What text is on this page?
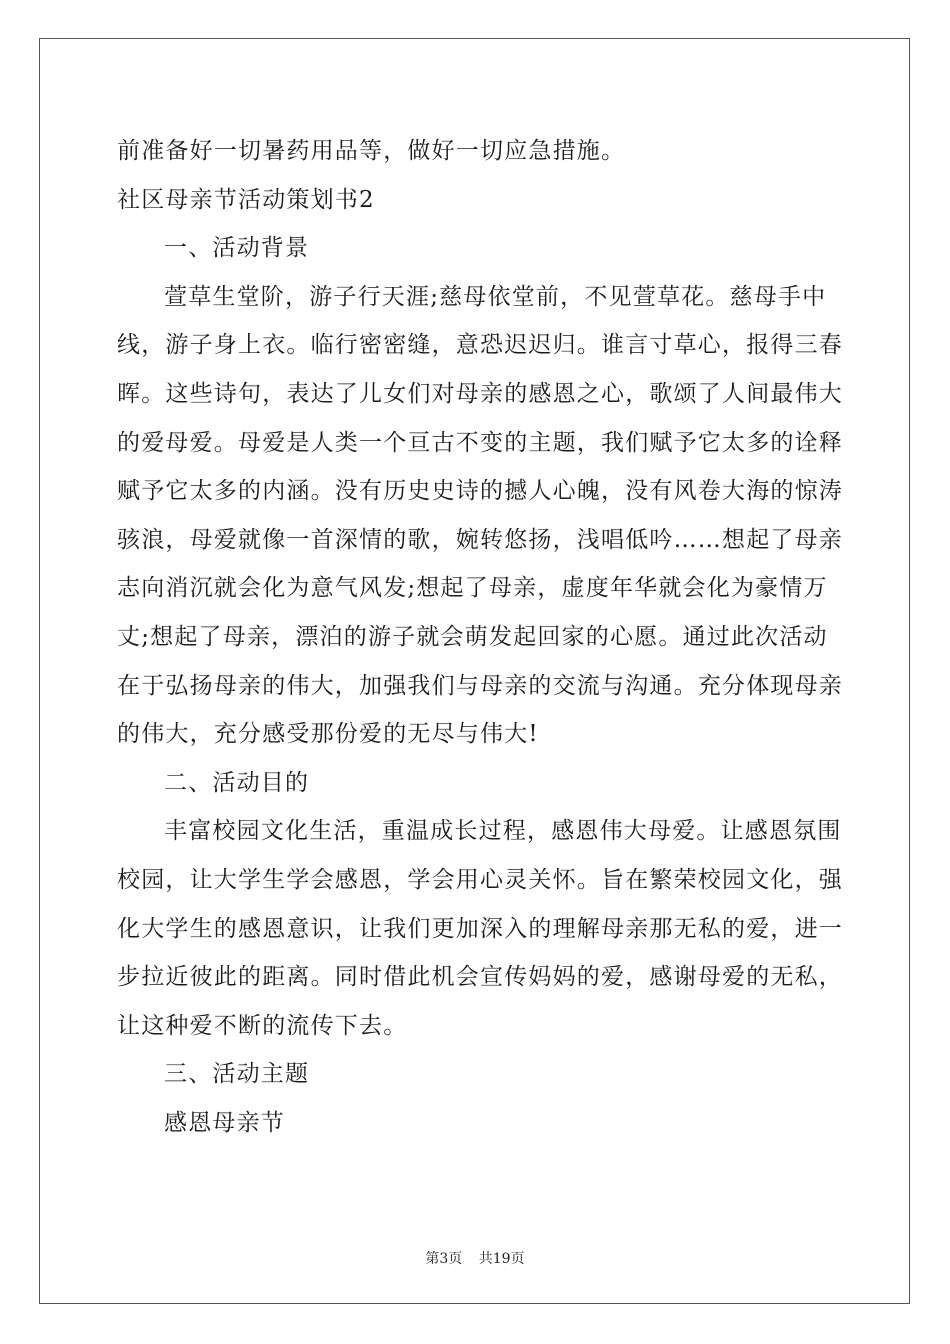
前准备好一切暑药用品等，做好一切应急措施。
社区母亲节活动策划书2
一、活动背景
萱草生堂阶，游子行天涯;慈母依堂前，不见萱草花。慈母手中
线，游子身上衣。临行密密缝，意恐迟迟归。谁言寸草心，报得三春
晖。这些诗句，表达了儿女们对母亲的感恩之心，歌颂了人间最伟大
的爱母爱。母爱是人类一个亘古不变的主题，我们赋予它太多的诠释
赋予它太多的内涵。没有历史史诗的撼人心魄，没有风卷大海的惊涛
骇浪，母爱就像一首深情的歌，婉转悠扬，浅唱低吟……想起了母亲
志向消沉就会化为意气风发;想起了母亲，虚度年华就会化为豪情万
丈;想起了母亲，漂泊的游子就会萌发起回家的心愿。通过此次活动
在于弘扬母亲的伟大，加强我们与母亲的交流与沟通。充分体现母亲
的伟大，充分感受那份爱的无尽与伟大!
二、活动目的
丰富校园文化生活，重温成长过程，感恩伟大母爱。让感恩氛围
校园，让大学生学会感恩，学会用心灵关怀。旨在繁荣校园文化，强
化大学生的感恩意识，让我们更加深入的理解母亲那无私的爱，进一
步拉近彼此的距离。同时借此机会宣传妈妈的爱，感谢母爱的无私，
让这种爱不断的流传下去。
三、活动主题
感恩母亲节
第3页 共19页
